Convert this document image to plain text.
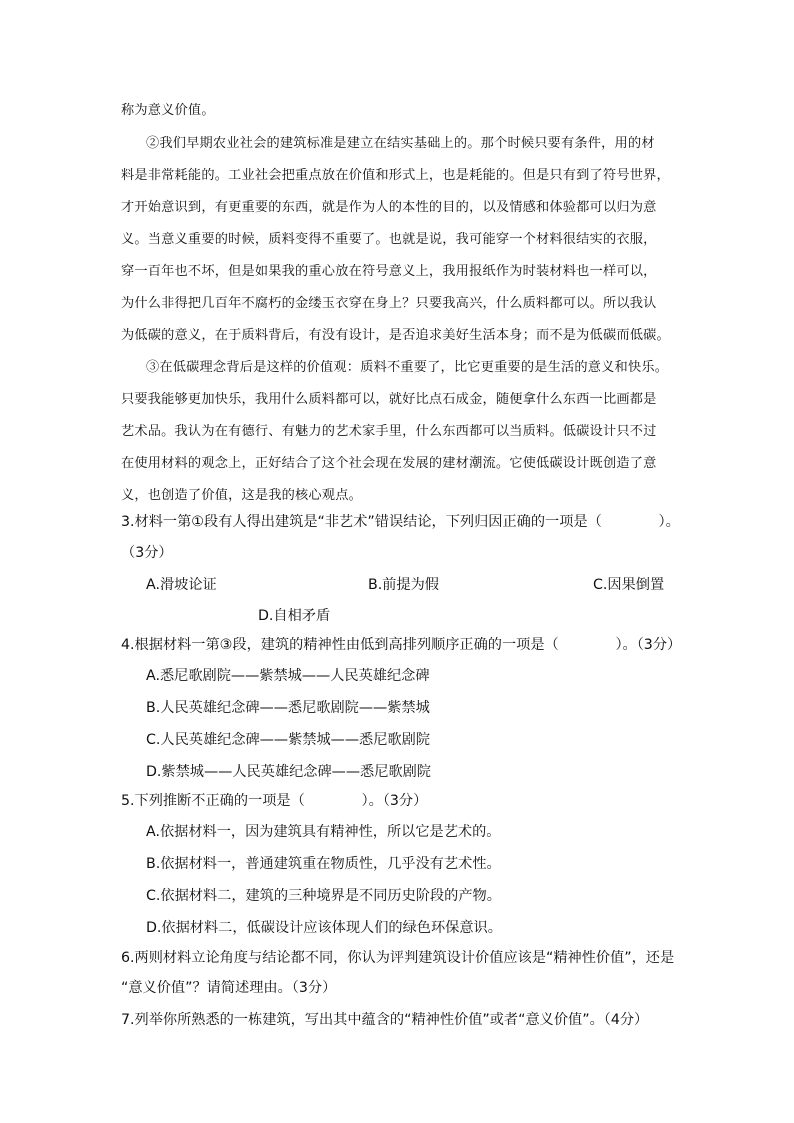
称为意义价值。
②我们早期农业社会的建筑标准是建立在结实基础上的。那个时候只要有条件，用的材
料是非常耗能的。工业社会把重点放在价值和形式上，也是耗能的。但是只有到了符号世界，
才开始意识到，有更重要的东西，就是作为人的本性的目的，以及情感和体验都可以归为意
义。当意义重要的时候，质料变得不重要了。也就是说，我可能穿一个材料很结实的衣服，
穿一百年也不坏，但是如果我的重心放在符号意义上，我用报纸作为时装材料也一样可以，
为什么非得把几百年不腐朽的金缕玉衣穿在身上？只要我高兴，什么质料都可以。所以我认
为低碳的意义，在于质料背后，有没有设计，是否追求美好生活本身；而不是为低碳而低碳。
③在低碳理念背后是这样的价值观：质料不重要了，比它更重要的是生活的意义和快乐。
只要我能够更加快乐，我用什么质料都可以，就好比点石成金，随便拿什么东西一比画都是
艺术品。我认为在有德行、有魅力的艺术家手里，什么东西都可以当质料。低碳设计只不过
在使用材料的观念上，正好结合了这个社会现在发展的建材潮流。它使低碳设计既创造了意
义，也创造了价值，这是我的核心观点。
3.材料一第①段有人得出建筑是“非艺术”错误结论，下列归因正确的一项是（　　　　）。
（3分）
A.滑坡论证	B.前提为假	C.因果倒置
D.自相矛盾
4.根据材料一第③段，建筑的精神性由低到高排列顺序正确的一项是（　　　　）。（3分）
A.悉尼歌剧院——紫禁城——人民英雄纪念碑
B.人民英雄纪念碑——悉尼歌剧院——紫禁城
C.人民英雄纪念碑——紫禁城——悉尼歌剧院
D.紫禁城——人民英雄纪念碑——悉尼歌剧院
5.下列推断不正确的一项是（　　　　）。（3分）
A.依据材料一，因为建筑具有精神性，所以它是艺术的。
B.依据材料一，普通建筑重在物质性，几乎没有艺术性。
C.依据材料二，建筑的三种境界是不同历史阶段的产物。
D.依据材料二，低碳设计应该体现人们的绿色环保意识。
6.两则材料立论角度与结论都不同，你认为评判建筑设计价值应该是“精神性价值”，还是
“意义价值”？请简述理由。（3分）
7.列举你所熟悉的一栋建筑，写出其中蕴含的“精神性价值”或者“意义价值”。（4分）
